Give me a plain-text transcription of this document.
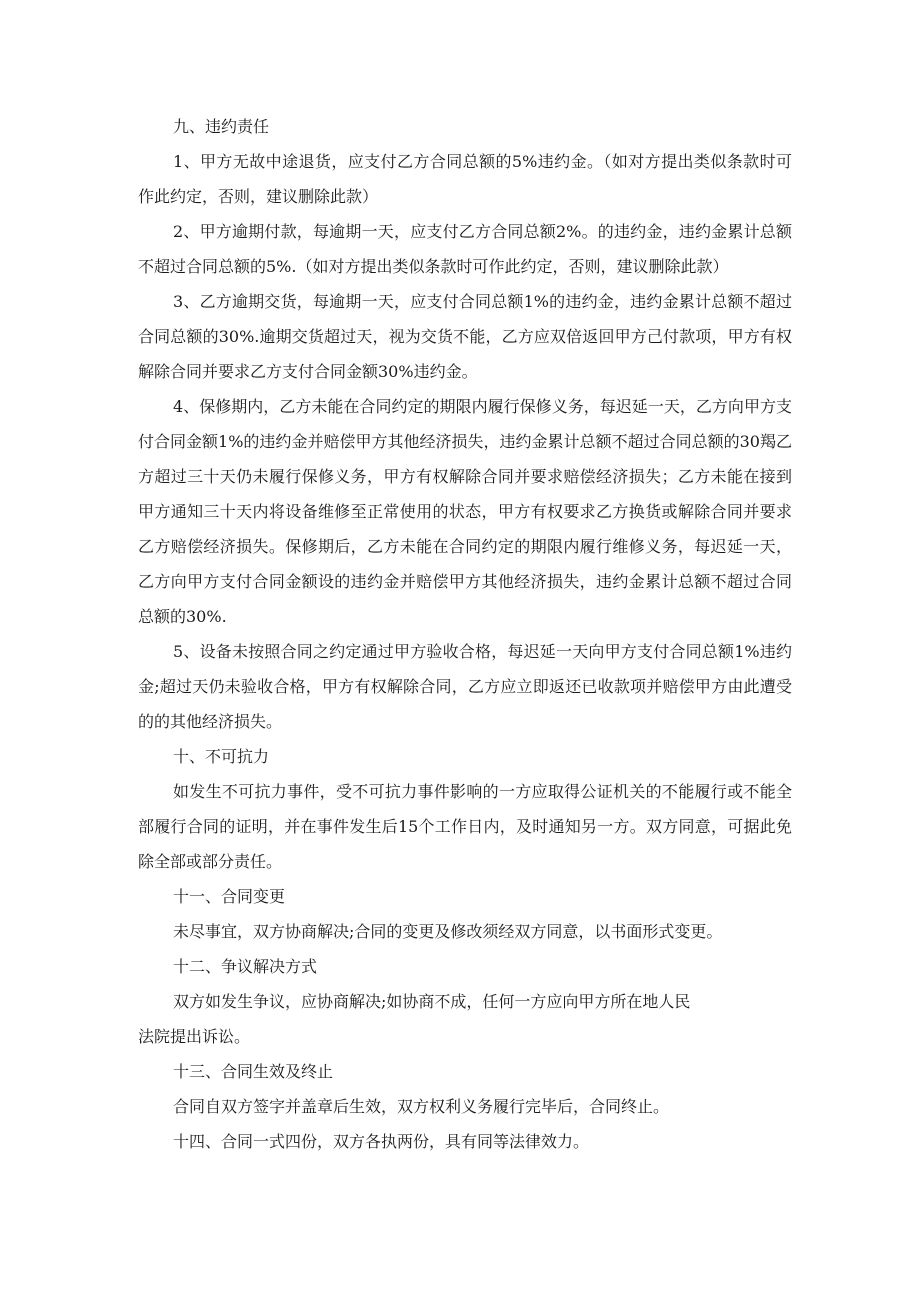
九、违约责任

1、甲方无故中途退货，应支付乙方合同总额的5%违约金。（如对方提出类似条款时可作此约定，否则，建议删除此款）

2、甲方逾期付款，每逾期一天，应支付乙方合同总额2%。的违约金，违约金累计总额不超过合同总额的5%.（如对方提出类似条款时可作此约定，否则，建议删除此款）

3、乙方逾期交货，每逾期一天，应支付合同总额1%的违约金，违约金累计总额不超过合同总额的30%.逾期交货超过天，视为交货不能，乙方应双倍返回甲方己付款项，甲方有权解除合同并要求乙方支付合同金额30%违约金。

4、保修期内，乙方未能在合同约定的期限内履行保修义务，每迟延一天，乙方向甲方支付合同金额1%的违约金并赔偿甲方其他经济损失，违约金累计总额不超过合同总额的30羯乙方超过三十天仍未履行保修义务，甲方有权解除合同并要求赔偿经济损失；乙方未能在接到甲方通知三十天内将设备维修至正常使用的状态，甲方有权要求乙方换货或解除合同并要求乙方赔偿经济损失。保修期后，乙方未能在合同约定的期限内履行维修义务，每迟延一天，乙方向甲方支付合同金额设的违约金并赔偿甲方其他经济损失，违约金累计总额不超过合同总额的30%.

5、设备未按照合同之约定通过甲方验收合格，每迟延一天向甲方支付合同总额1%违约金;超过天仍未验收合格，甲方有权解除合同，乙方应立即返还已收款项并赔偿甲方由此遭受的的其他经济损失。

十、不可抗力

如发生不可抗力事件，受不可抗力事件影响的一方应取得公证机关的不能履行或不能全部履行合同的证明，并在事件发生后15个工作日内，及时通知另一方。双方同意，可据此免除全部或部分责任。

十一、合同变更

未尽事宜，双方协商解决;合同的变更及修改须经双方同意，以书面形式变更。

十二、争议解决方式

双方如发生争议，应协商解决;如协商不成，任何一方应向甲方所在地人民
法院提出诉讼。

十三、合同生效及终止

合同自双方签字并盖章后生效，双方权利义务履行完毕后，合同终止。

十四、合同一式四份，双方各执两份，具有同等法律效力。
